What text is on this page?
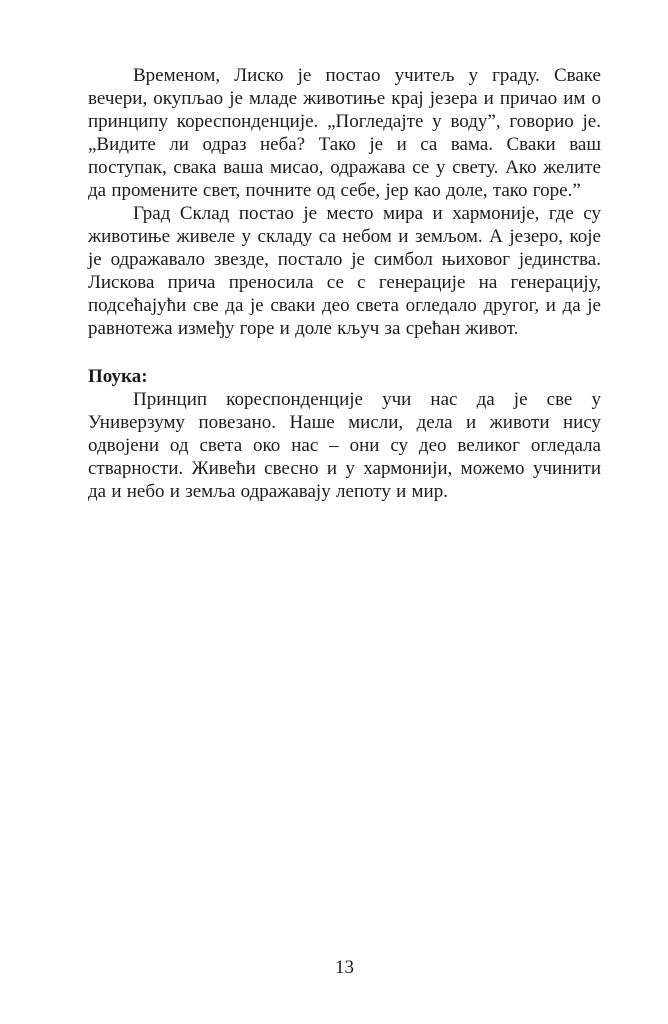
Временом, Лиско је постао учитељ у граду. Сваке вечери, окупљао је младе животиње крај језера и причао им о принципу кореспонденције. „Погледајте у воду”, говорио је. „Видите ли одраз неба? Тако је и са вама. Сваки ваш поступак, свака ваша мисао, одражава се у свету. Ако желите да промените свет, почните од себе, јер као доле, тако горе.”

Град Склад постао је место мира и хармоније, где су животиње живеле у складу са небом и земљом. А језеро, које је одражавало звезде, постало је симбол њиховог јединства. Лискова прича преносила се с генерације на генерацију, подсећајући све да је сваки део света огледало другог, и да је равнотежа између горе и доле кључ за срећан живот.

Поука:

Принцип кореспонденције учи нас да је све у Универзуму повезано. Наше мисли, дела и животи нису одвојени од света око нас – они су део великог огледала стварности. Живећи свесно и у хармонији, можемо учинити да и небо и земља одражавају лепоту и мир.

13
